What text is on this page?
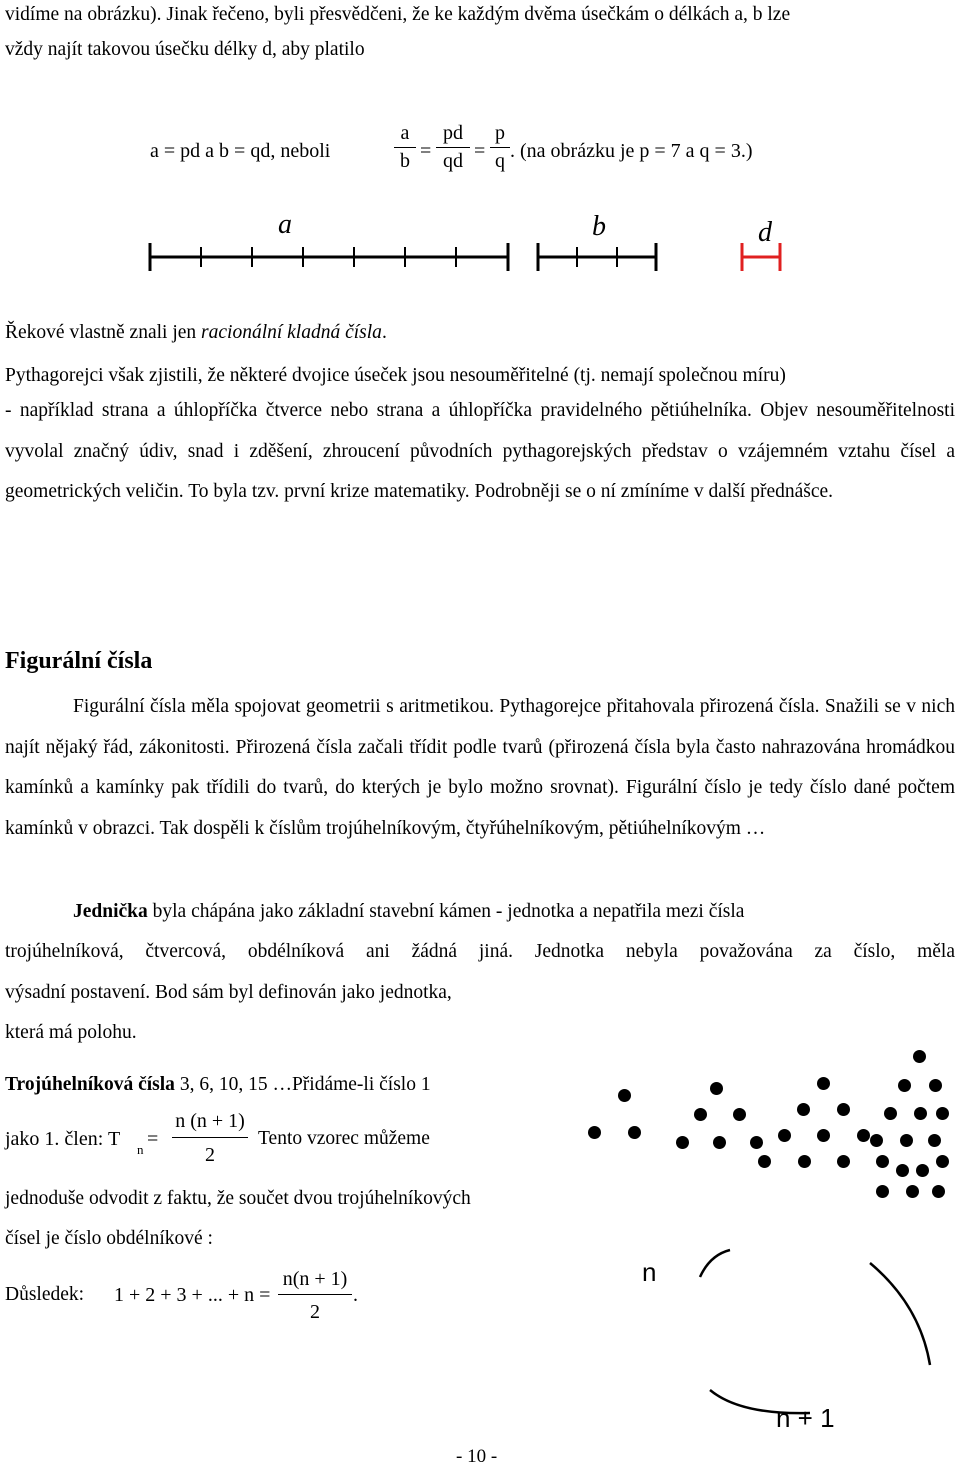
vidíme na obrázku). Jinak řečeno, byli přesvědčeni, že ke každým dvěma úsečkám o délkách a, b lze
vždy najít takovou úsečku délky d, aby platilo
a = pd a b = qd, neboli	$\frac{a}{b} = \frac{pd}{qd} = \frac{p}{q}$ . (na obrázku je p = 7 a q = 3.)
a	b	d
Řekové vlastně znali jen racionální kladná čísla.
Pythagorejci však zjistili, že některé dvojice úseček jsou nesouměřitelné (tj. nemají společnou míru)
- například strana a úhlopříčka čtverce nebo strana a úhlopříčka pravidelného pětiúhelníka. Objev nesouměřitelnosti vyvolal značný údiv, snad i zděšení, zhroucení původních pythagorejských představ o vzájemném vztahu čísel a geometrických veličin. To byla tzv. první krize matematiky. Podrobněji se o ní zmíníme v další přednášce.
Figurální čísla
Figurální čísla měla spojovat geometrii s aritmetikou. Pythagorejce přitahovala přirozená čísla. Snažili se v nich najít nějaký řád, zákonitosti. Přirozená čísla začali třídit podle tvarů (přirozená čísla byla často nahrazována hromádkou kamínků a kamínky pak třídili do tvarů, do kterých je bylo možno srovnat). Figurální číslo je tedy číslo dané počtem kamínků v obrazci. Tak dospěli k číslům trojúhelníkovým, čtyřúhelníkovým, pětiúhelníkovým …
Jednička byla chápána jako základní stavební kámen - jednotka a nepatřila mezi čísla
trojúhelníková, čtvercová, obdélníková ani žádná jiná. Jednotka nebyla považována za číslo, měla
výsadní postavení. Bod sám byl definován jako jednotka,
která má polohu.
Trojúhelníková čísla 3, 6, 10, 15 …Přidáme-li číslo 1
jako 1. člen: T $n = \frac{n (n + 1)}{2}$ Tento vzorec můžeme
jednoduše odvodit z faktu, že součet dvou trojúhelníkových
čísel je číslo obdélníkové :
Důsledek: 1 + 2 + 3 + ... + $n = \frac{n(n + 1)}{2}$ .
n
n + 1
- 10 -
